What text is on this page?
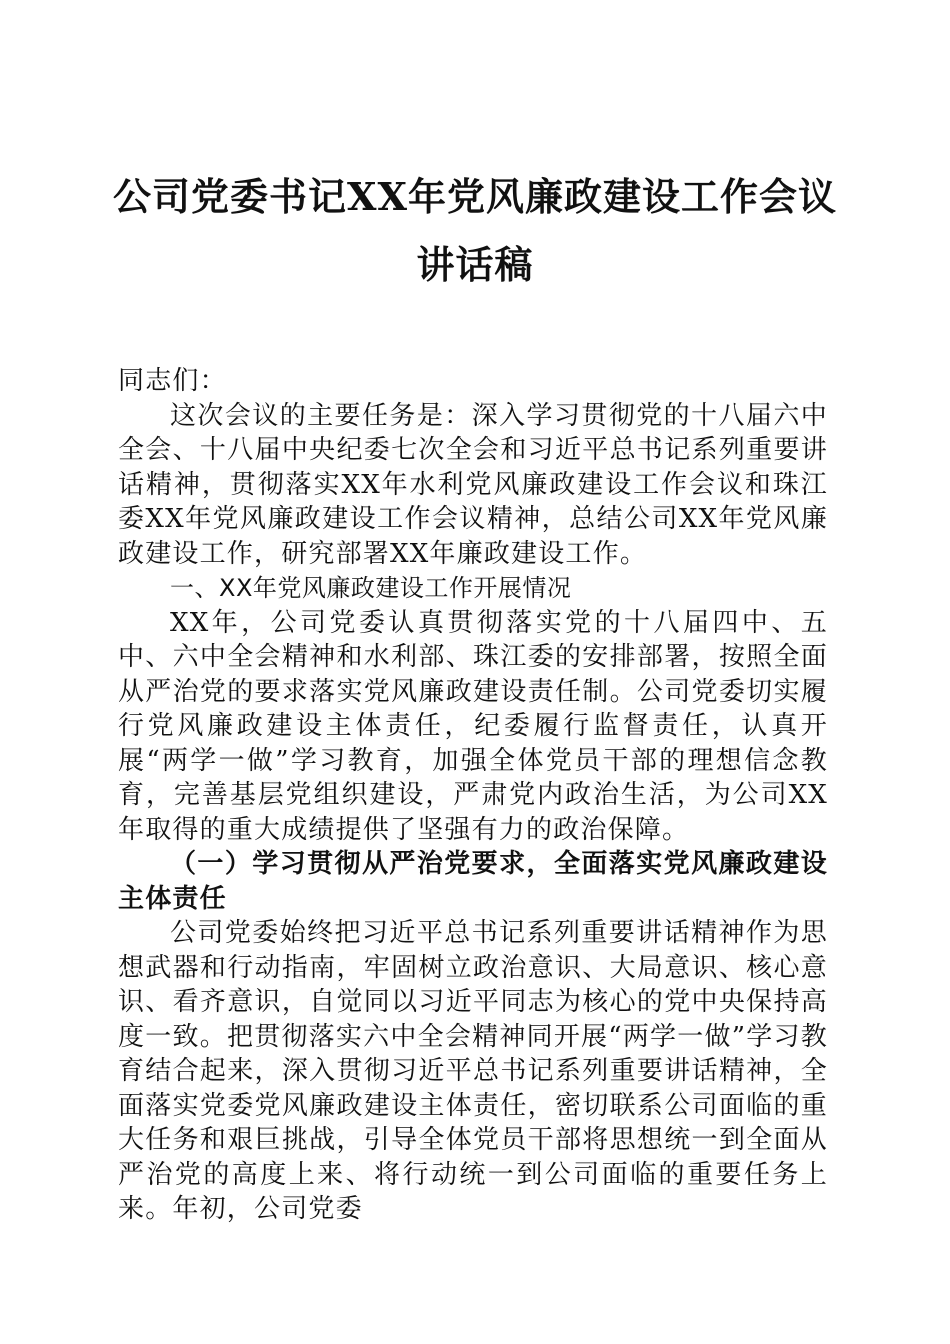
公司党委书记XX年党风廉政建设工作会议讲话稿

同志们：

这次会议的主要任务是：深入学习贯彻党的十八届六中全会、十八届中央纪委七次全会和习近平总书记系列重要讲话精神，贯彻落实XX年水利党风廉政建设工作会议和珠江委XX年党风廉政建设工作会议精神，总结公司XX年党风廉政建设工作，研究部署XX年廉政建设工作。

一、XX年党风廉政建设工作开展情况

XX年，公司党委认真贯彻落实党的十八届四中、五中、六中全会精神和水利部、珠江委的安排部署，按照全面从严治党的要求落实党风廉政建设责任制。公司党委切实履行党风廉政建设主体责任，纪委履行监督责任，认真开展“两学一做”学习教育，加强全体党员干部的理想信念教育，完善基层党组织建设，严肃党内政治生活，为公司XX年取得的重大成绩提供了坚强有力的政治保障。

（一）学习贯彻从严治党要求，全面落实党风廉政建设主体责任

公司党委始终把习近平总书记系列重要讲话精神作为思想武器和行动指南，牢固树立政治意识、大局意识、核心意识、看齐意识，自觉同以习近平同志为核心的党中央保持高度一致。把贯彻落实六中全会精神同开展“两学一做”学习教育结合起来，深入贯彻习近平总书记系列重要讲话精神，全面落实党委党风廉政建设主体责任，密切联系公司面临的重大任务和艰巨挑战，引导全体党员干部将思想统一到全面从严治党的高度上来、将行动统一到公司面临的重要任务上来。年初，公司党委
